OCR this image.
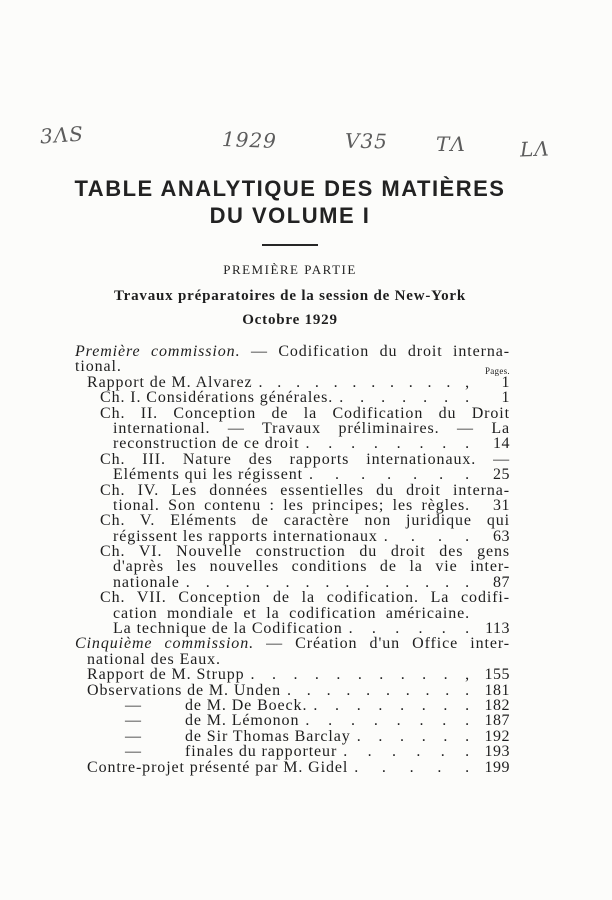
3ΛS	1929	V35 TΛ	LΛ
TABLE ANALYTIQUE DES MATIÈRES
DU VOLUME I
PREMIÈRE PARTIE
Travaux préparatoires de la session de New-York
Octobre 1929
Première commission. — Codification du droit interna-
tional.	Pages.
Rapport de M. Alvarez . . . . . . . . . . . ,	1
Ch. I. Considérations générales. . . . . . . .	1
Ch. II. Conception de la Codification du Droit
international. — Travaux préliminaires. — La
reconstruction de ce droit . . . . . . . .	14
Ch. III. Nature des rapports internationaux. —
Eléments qui les régissent . . . . . . .	25
Ch. IV. Les données essentielles du droit interna-
tional. Son contenu : les principes; les règles.	31
Ch. V. Eléments de caractère non juridique qui
régissent les rapports internationaux . . . .	63
Ch. VI. Nouvelle construction du droit des gens
d'après les nouvelles conditions de la vie inter-
nationale . . . . . . . . . . . . . . .	87
Ch. VII. Conception de la codification. La codifi-
cation mondiale et la codification américaine.
La technique de la Codification . . . . . . 113
Cinquième commission. — Création d'un Office inter-
national des Eaux.
Rapport de M. Strupp . . . . . . . . . . , 155
Observations de M. Unden . . . . . . . . . . 181
—	de M. De Boeck. . . . . . . . . 182
—	de M. Lémonon . . . . . . . . 187
—	de Sir Thomas Barclay . . . . . . 192
—	finales du rapporteur . . . . . . 193
Contre-projet présenté par M. Gidel . . . . . 199
